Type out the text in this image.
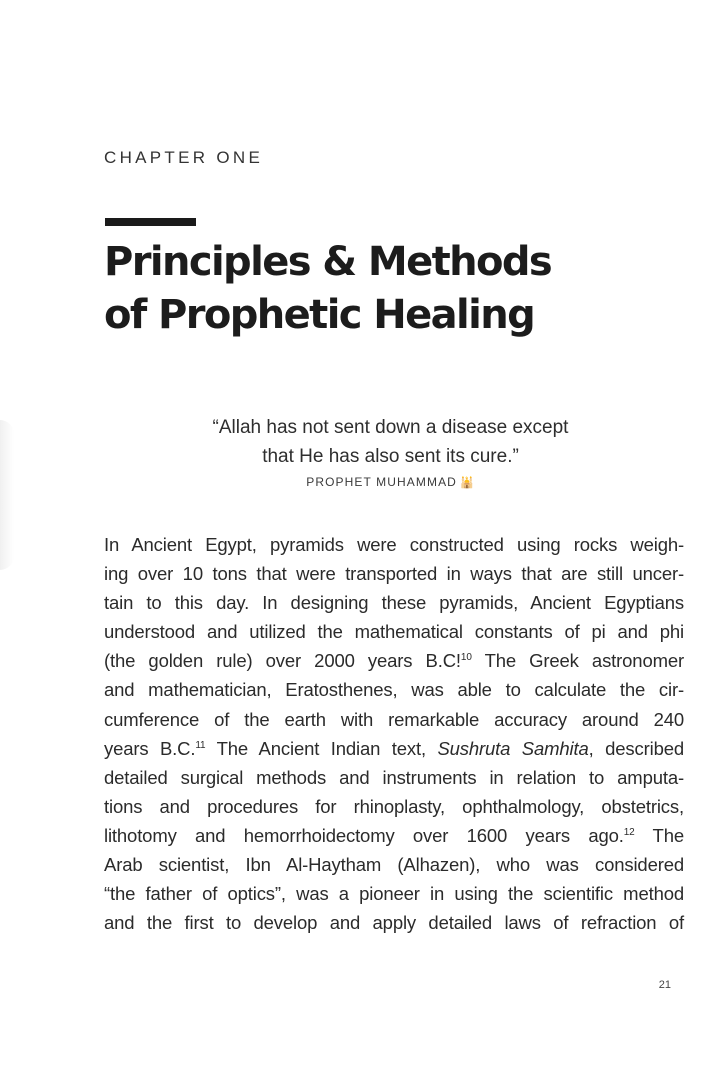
CHAPTER ONE
Principles & Methods
of Prophetic Healing
“Allah has not sent down a disease except
that He has also sent its cure.”
PROPHET MUHAMMAD 🕌
In Ancient Egypt, pyramids were constructed using rocks weigh-
ing over 10 tons that were transported in ways that are still uncer-
tain to this day. In designing these pyramids, Ancient Egyptians
understood and utilized the mathematical constants of pi and phi
(the golden rule) over 2000 years B.C!$^{10}$ The Greek astronomer
and mathematician, Eratosthenes, was able to calculate the cir-
cumference of the earth with remarkable accuracy around 240
years B.C.$^{11}$ The Ancient Indian text, Sushruta Samhita, described
detailed surgical methods and instruments in relation to amputa-
tions and procedures for rhinoplasty, ophthalmology, obstetrics,
lithotomy and hemorrhoidectomy over 1600 years ago.$^{12}$ The
Arab scientist, Ibn Al-Haytham (Alhazen), who was considered
“the father of optics”, was a pioneer in using the scientific method
and the first to develop and apply detailed laws of refraction of
21
